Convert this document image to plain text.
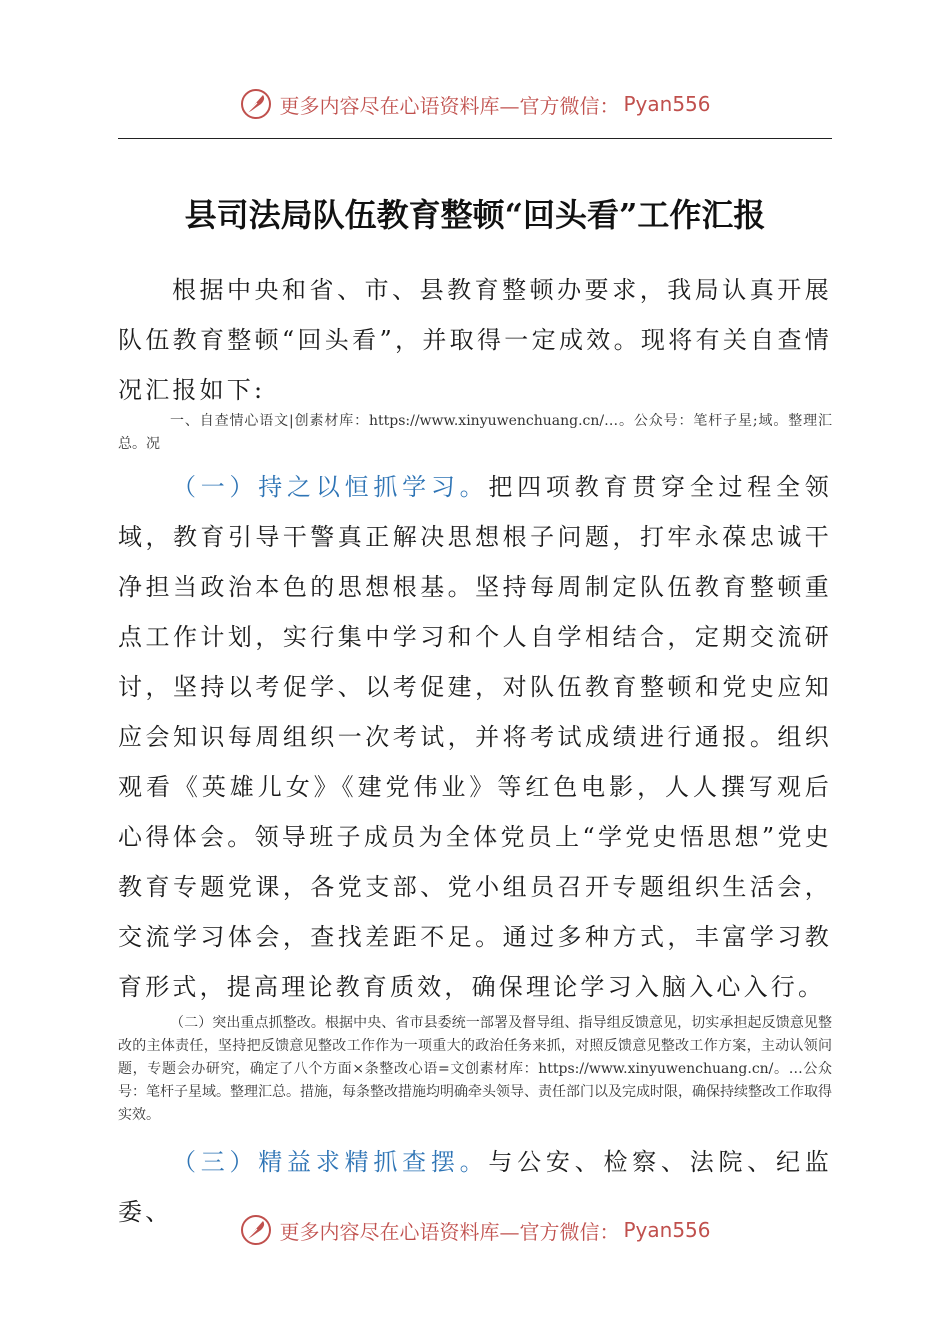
更多内容尽在心语资料库—官方微信： Pyan556
县司法局队伍教育整顿“回头看”工作汇报

根据中央和省、市、县教育整顿办要求，我局认真开展队伍教育整顿“回头看”，并取得一定成效。现将有关自查情况汇报如下:

一、自查情心语文|创素材库：https://www.xinyuwenchuang.cn/…。公众号：笔杆子星;域。整理汇总。况

（一）持之以恒抓学习。把四项教育贯穿全过程全领域，教育引导干警真正解决思想根子问题，打牢永葆忠诚干净担当政治本色的思想根基。坚持每周制定队伍教育整顿重点工作计划，实行集中学习和个人自学相结合，定期交流研讨，坚持以考促学、以考促建，对队伍教育整顿和党史应知应会知识每周组织一次考试，并将考试成绩进行通报。组织观看《英雄儿女》《建党伟业》等红色电影，人人撰写观后心得体会。领导班子成员为全体党员上“学党史悟思想”党史教育专题党课，各党支部、党小组员召开专题组织生活会，交流学习体会，查找差距不足。通过多种方式，丰富学习教育形式，提高理论教育质效，确保理论学习入脑入心入行。

（二）突出重点抓整改。根据中央、省市县委统一部署及督导组、指导组反馈意见，切实承担起反馈意见整改的主体责任，坚持把反馈意见整改工作作为一项重大的政治任务来抓，对照反馈意见整改工作方案，主动认领问题，专题会办研究，确定了八个方面×条整改心语=文创素材库：https://www.xinyuwenchuang.cn/。…公众号：笔杆子星域。整理汇总。措施，每条整改措施均明确牵头领导、责任部门以及完成时限，确保持续整改工作取得实效。

（三）精益求精抓查摆。与公安、检察、法院、纪监委、

更多内容尽在心语资料库—官方微信： Pyan556
